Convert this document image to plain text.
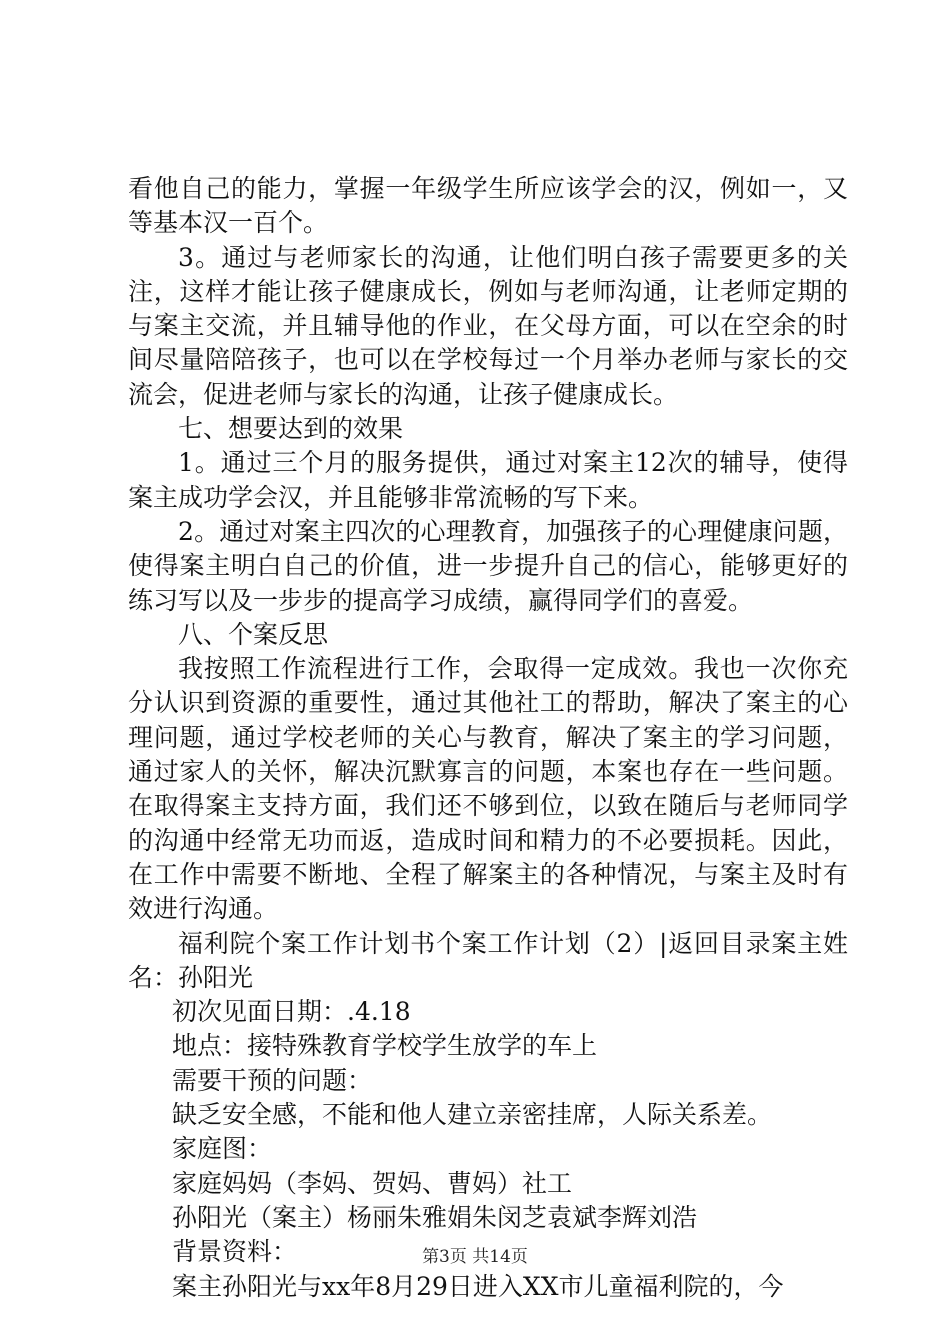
看他自己的能力，掌握一年级学生所应该学会的汉，例如一，又等基本汉一百个。

3。通过与老师家长的沟通，让他们明白孩子需要更多的关注，这样才能让孩子健康成长，例如与老师沟通，让老师定期的与案主交流，并且辅导他的作业，在父母方面，可以在空余的时间尽量陪陪孩子，也可以在学校每过一个月举办老师与家长的交流会，促进老师与家长的沟通，让孩子健康成长。

七、想要达到的效果

1。通过三个月的服务提供，通过对案主12次的辅导，使得案主成功学会汉，并且能够非常流畅的写下来。

2。通过对案主四次的心理教育，加强孩子的心理健康问题，使得案主明白自己的价值，进一步提升自己的信心，能够更好的练习写以及一步步的提高学习成绩，赢得同学们的喜爱。

八、个案反思

我按照工作流程进行工作，会取得一定成效。我也一次你充分认识到资源的重要性，通过其他社工的帮助，解决了案主的心理问题，通过学校老师的关心与教育，解决了案主的学习问题，通过家人的关怀，解决沉默寡言的问题，本案也存在一些问题。在取得案主支持方面，我们还不够到位，以致在随后与老师同学的沟通中经常无功而返，造成时间和精力的不必要损耗。因此，在工作中需要不断地、全程了解案主的各种情况，与案主及时有效进行沟通。

福利院个案工作计划书个案工作计划（2）|返回目录案主姓名：孙阳光

初次见面日期：.4.18

地点：接特殊教育学校学生放学的车上

需要干预的问题：

缺乏安全感，不能和他人建立亲密挂席，人际关系差。

家庭图：

家庭妈妈（李妈、贺妈、曹妈）社工

孙阳光（案主）杨丽朱雅娟朱闵芝袁斌李辉刘浩

背景资料：

案主孙阳光与xx年8月29日进入XX市儿童福利院的，今

第3页 共14页
